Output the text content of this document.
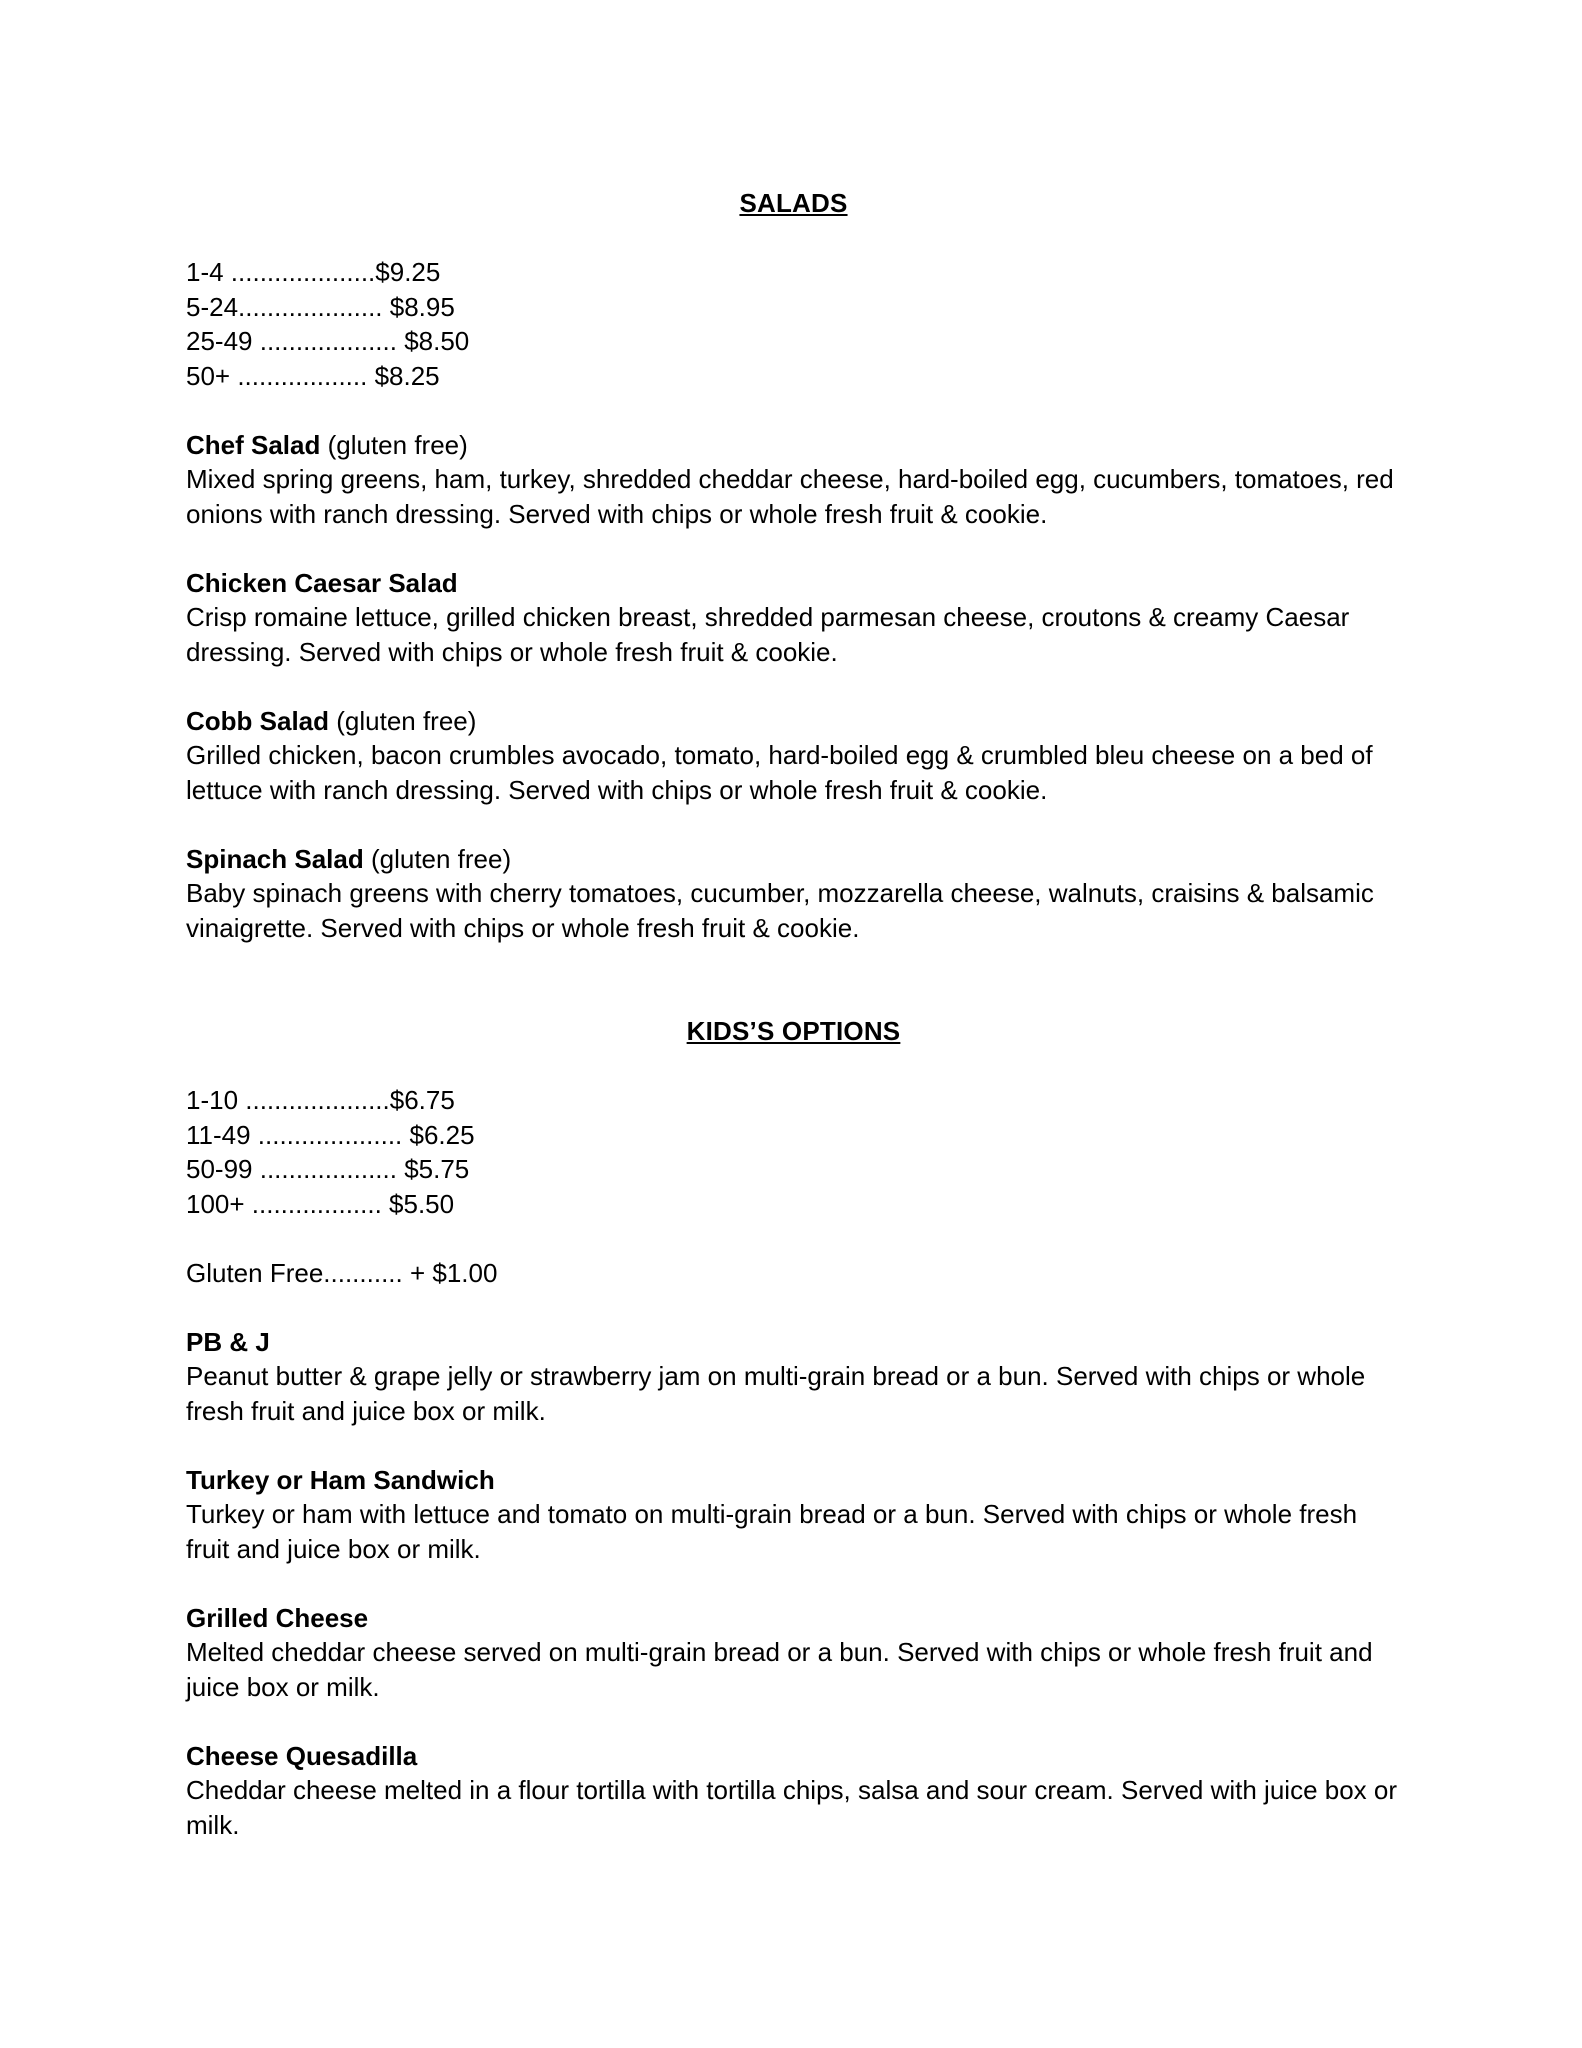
SALADS
1-4 ....................$9.25
5-24.................... $8.95
25-49 ................... $8.50
50+ .................. $8.25
Chef Salad (gluten free)

Mixed spring greens, ham, turkey, shredded cheddar cheese, hard-boiled egg, cucumbers, tomatoes, red onions with ranch dressing. Served with chips or whole fresh fruit & cookie.

Chicken Caesar Salad

Crisp romaine lettuce, grilled chicken breast, shredded parmesan cheese, croutons & creamy Caesar dressing. Served with chips or whole fresh fruit & cookie.

Cobb Salad (gluten free)

Grilled chicken, bacon crumbles avocado, tomato, hard-boiled egg & crumbled bleu cheese on a bed of lettuce with ranch dressing. Served with chips or whole fresh fruit & cookie.

Spinach Salad (gluten free)

Baby spinach greens with cherry tomatoes, cucumber, mozzarella cheese, walnuts, craisins & balsamic vinaigrette. Served with chips or whole fresh fruit & cookie.

KIDS’S OPTIONS
1-10 ....................$6.75
11-49 .................... $6.25
50-99 ................... $5.75
100+ .................. $5.50
Gluten Free........... + $1.00
PB & J

Peanut butter & grape jelly or strawberry jam on multi-grain bread or a bun. Served with chips or whole fresh fruit and juice box or milk.

Turkey or Ham Sandwich

Turkey or ham with lettuce and tomato on multi-grain bread or a bun. Served with chips or whole fresh fruit and juice box or milk.

Grilled Cheese

Melted cheddar cheese served on multi-grain bread or a bun. Served with chips or whole fresh fruit and juice box or milk.

Cheese Quesadilla

Cheddar cheese melted in a flour tortilla with tortilla chips, salsa and sour cream. Served with juice box or milk.
